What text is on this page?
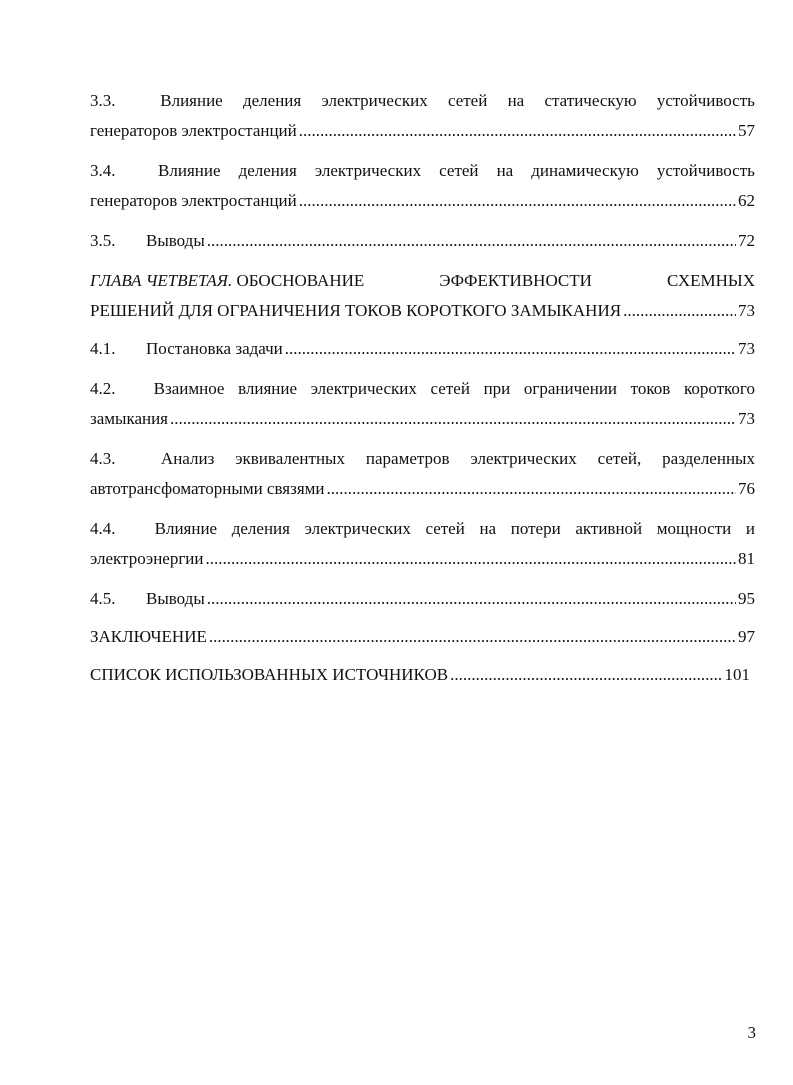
3.3.	Влияние деления электрических сетей на статическую устойчивость
генераторов электростанций .....	57
3.4.	Влияние деления электрических сетей на динамическую устойчивость
генераторов электростанций .....	62
3.5. Выводы .....	72
ГЛАВА ЧЕТВЕТАЯ. ОБОСНОВАНИЕ	ЭФФЕКТИВНОСТИ	СХЕМНЫХ
РЕШЕНИЙ ДЛЯ ОГРАНИЧЕНИЯ ТОКОВ КОРОТКОГО ЗАМЫКАНИЯ .....	73
4.1. Постановка задачи .....	73
4.2.	Взаимное влияние электрических сетей при ограничении токов короткого
замыкания .....	73
4.3.	Анализ эквивалентных параметров электрических сетей, разделенных
автотрансфоматорными связями .....	76
4.4.	Влияние деления электрических сетей на потери активной мощности и
электроэнергии .....	81
4.5. Выводы .....	95
ЗАКЛЮЧЕНИЕ .....	97
СПИСОК ИСПОЛЬЗОВАННЫХ ИСТОЧНИКОВ .....	101
3
